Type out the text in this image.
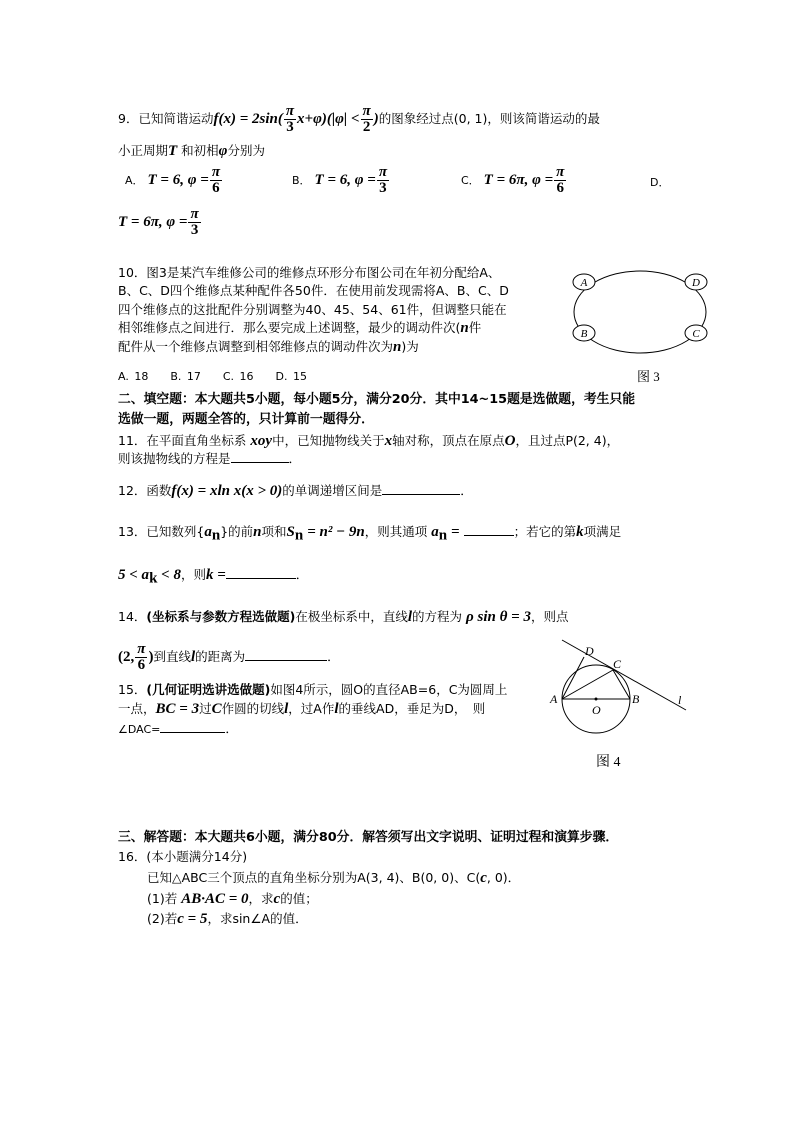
9．已知简谐运动$f(x) = 2\sin( \frac{\pi}{3} x+\varphi)(|\varphi| < \frac{\pi}{2}$ )的图象经过点(0, 1)，则该简谐运动的最
小正周期T 和初相φ分别为
A． T = 6, $\varphi = \frac{\pi}{6}$	B． T = 6, $\varphi = \frac{\pi}{3}$	C． T = 6π, $\varphi = \frac{\pi}{6}$	D．
T = 6π, $\varphi = \frac{\pi}{3}$
10．图3是某汽车维修公司的维修点环形分布图公司在年初分配给A、
B、C、D四个维修点某种配件各50件．在使用前发现需将A、B、C、D
四个维修点的这批配件分别调整为40、45、54、61件，但调整只能在
相邻维修点之间进行．那么要完成上述调整，最少的调动件次(n件
配件从一个维修点调整到相邻维修点的调动件次为n)为
A. 18 B. 17 C. 16 D. 15
A	D
B	C
图 3
二、填空题：本大题共5小题，每小题5分，满分20分．其中14~15题是选做题，考生只能
选做一题，两题全答的，只计算前一题得分．
11．在平面直角坐标系 xoy中，已知抛物线关于x轴对称，顶点在原点O，且过点P(2, 4)，
则该抛物线的方程是	．
12．函数f(x) = xln x(x > 0)的单调递增区间是	．
13．已知数列$\{a_n\}$的前n项和$S_n = n^2 - 9n$，则其通项 $a_n$ =	；若它的第k项满足
$5 < a_k < 8$，则k =	．
14．(坐标系与参数方程选做题)在极坐标系中，直线l的方程为 ρ sin θ = 3，则点
(2, $\frac{\pi}{6}$ )到直线l的距离为	．
15．(几何证明选讲选做题)如图4所示，圆O的直径AB=6，C为圆周上
一点，BC = 3过C作圆的切线l，过A作l的垂线AD，垂足为D，　则
∠DAC=	．
D
C
A
O
B	l
图 4
三、解答题：本大题共6小题，满分80分．解答须写出文字说明、证明过程和演算步骤．
16．(本小题满分14分)
已知△ABC三个顶点的直角坐标分别为A(3, 4)、B(0, 0)、C(c, 0)．
(1)若 AB·AC = 0，求c的值；
(2)若c = 5，求sin∠A的值．
